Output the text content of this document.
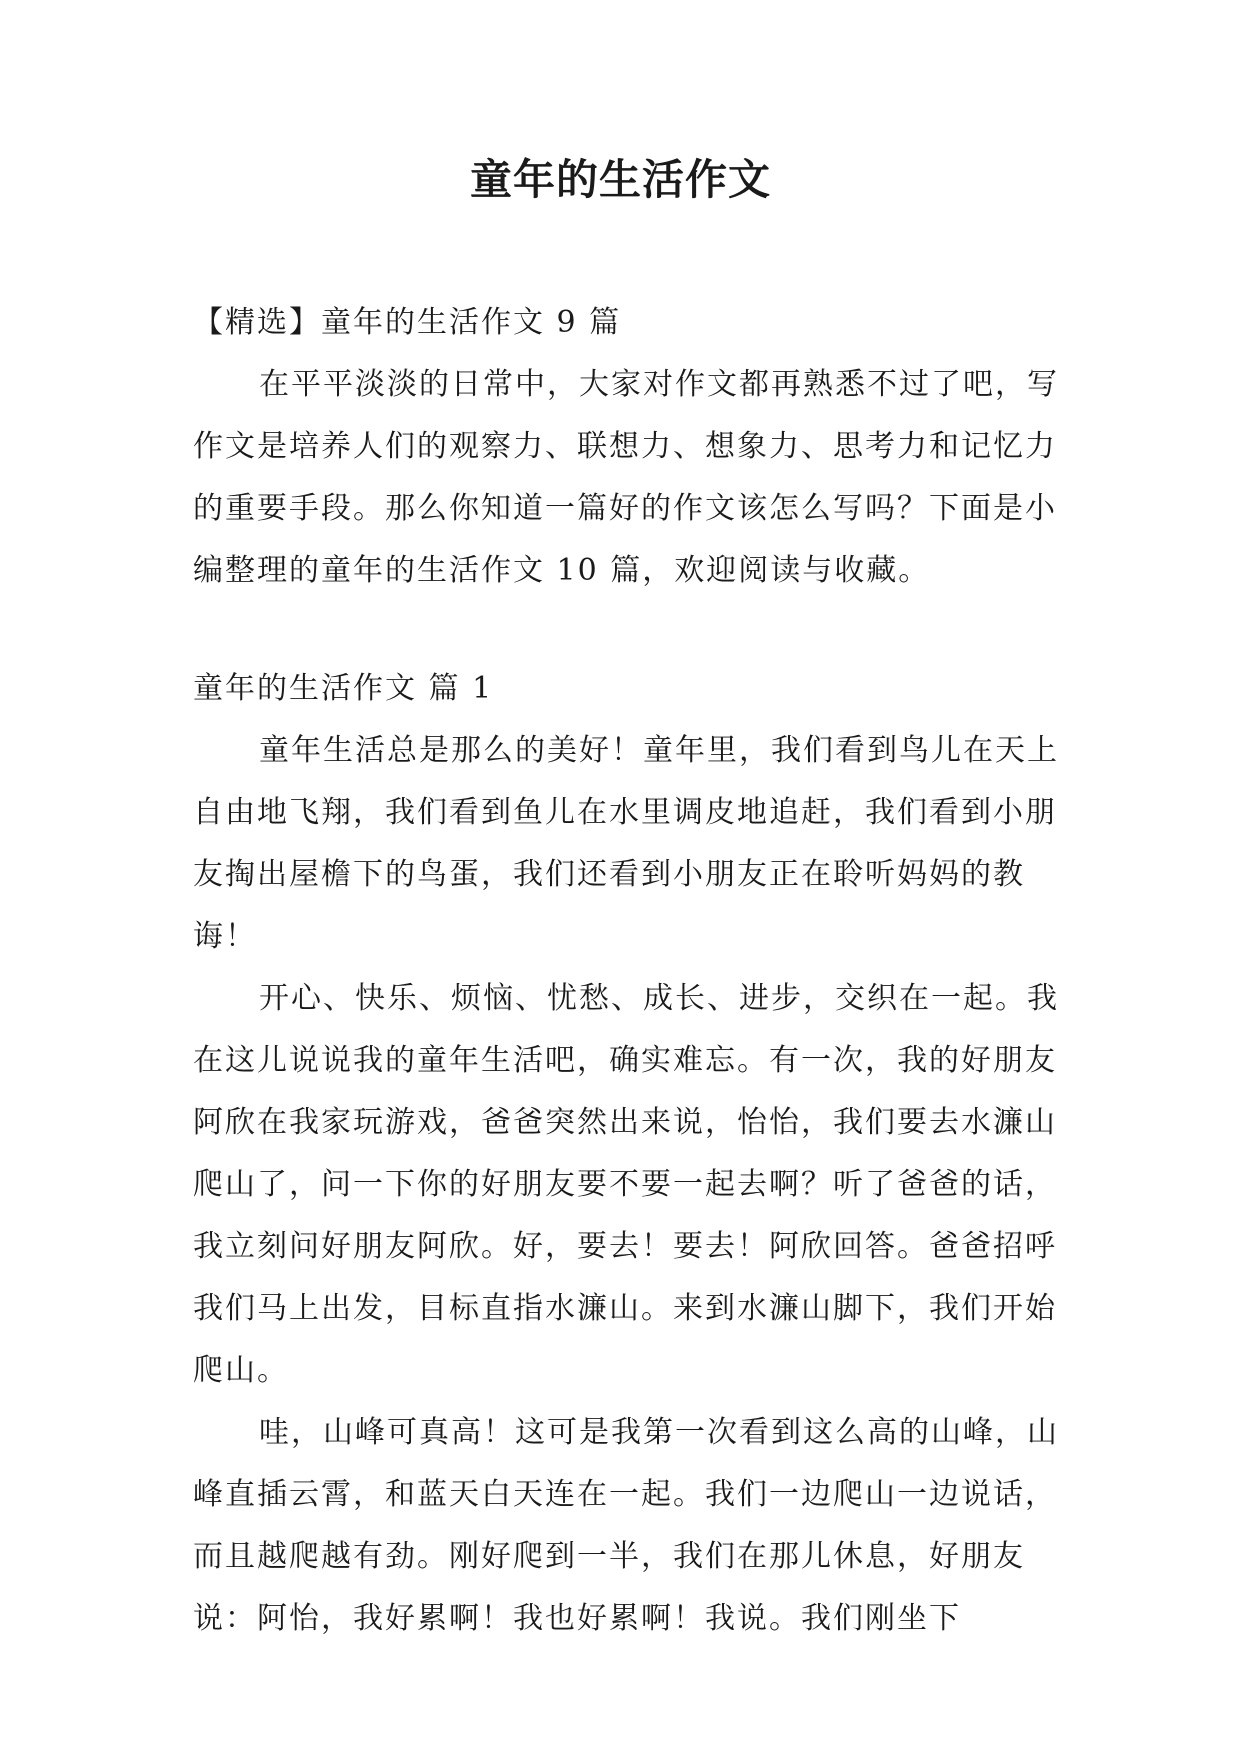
童年的生活作文

【精选】童年的生活作文 9 篇

在平平淡淡的日常中，大家对作文都再熟悉不过了吧，写作文是培养人们的观察力、联想力、想象力、思考力和记忆力的重要手段。那么你知道一篇好的作文该怎么写吗？下面是小编整理的童年的生活作文 10 篇，欢迎阅读与收藏。

童年的生活作文 篇 1

童年生活总是那么的美好！童年里，我们看到鸟儿在天上自由地飞翔，我们看到鱼儿在水里调皮地追赶，我们看到小朋友掏出屋檐下的鸟蛋，我们还看到小朋友正在聆听妈妈的教诲！

开心、快乐、烦恼、忧愁、成长、进步，交织在一起。我在这儿说说我的童年生活吧，确实难忘。有一次，我的好朋友阿欣在我家玩游戏，爸爸突然出来说，怡怡，我们要去水濂山爬山了，问一下你的好朋友要不要一起去啊？听了爸爸的话，我立刻问好朋友阿欣。好，要去！要去！阿欣回答。爸爸招呼我们马上出发，目标直指水濂山。来到水濂山脚下，我们开始爬山。

哇，山峰可真高！这可是我第一次看到这么高的山峰，山峰直插云霄，和蓝天白天连在一起。我们一边爬山一边说话，而且越爬越有劲。刚好爬到一半，我们在那儿休息，好朋友说：阿怡，我好累啊！我也好累啊！我说。我们刚坐下
